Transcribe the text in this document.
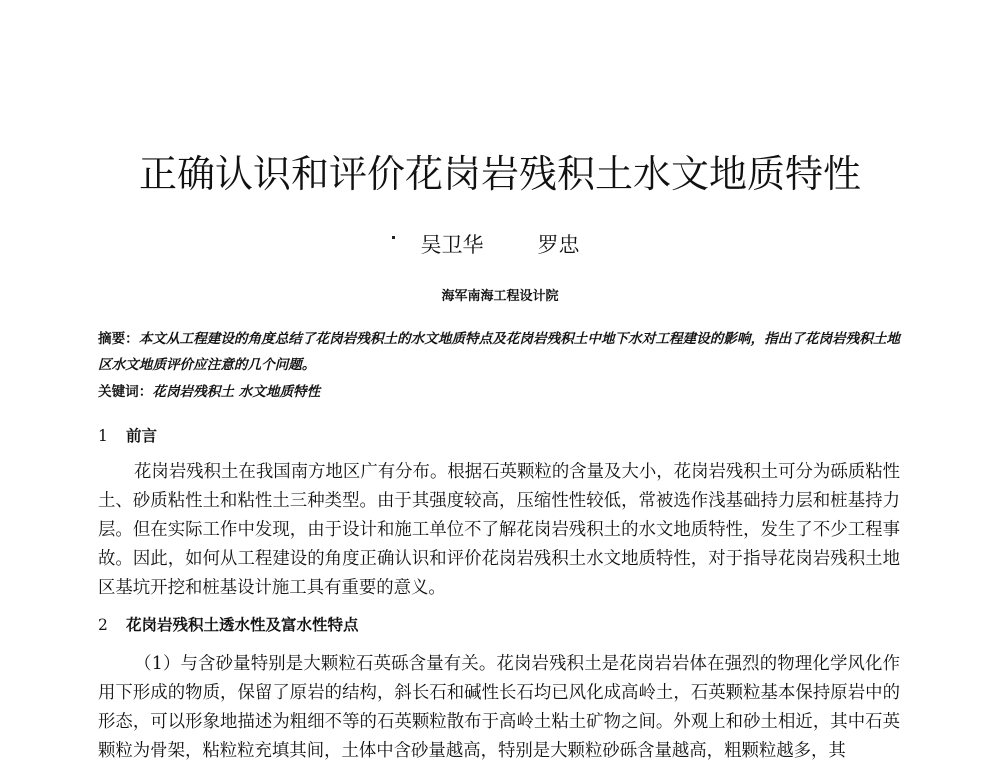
正确认识和评价花岗岩残积土水文地质特性
吴卫华	罗忠
海军南海工程设计院
摘要：本文从工程建设的角度总结了花岗岩残积土的水文地质特点及花岗岩残积土中地下水对工程建设的影响，指出了花岗岩残积土地区水文地质评价应注意的几个问题。
关键词：花岗岩残积土 水文地质特性
1 前言
花岗岩残积土在我国南方地区广有分布。根据石英颗粒的含量及大小，花岗岩残积土可分为砾质粘性土、砂质粘性土和粘性土三种类型。由于其强度较高，压缩性性较低，常被选作浅基础持力层和桩基持力层。但在实际工作中发现，由于设计和施工单位不了解花岗岩残积土的水文地质特性，发生了不少工程事故。因此，如何从工程建设的角度正确认识和评价花岗岩残积土水文地质特性，对于指导花岗岩残积土地区基坑开挖和桩基设计施工具有重要的意义。
2 花岗岩残积土透水性及富水性特点
（1）与含砂量特别是大颗粒石英砾含量有关。花岗岩残积土是花岗岩岩体在强烈的物理化学风化作用下形成的物质，保留了原岩的结构，斜长石和碱性长石均已风化成高岭土，石英颗粒基本保持原岩中的形态，可以形象地描述为粗细不等的石英颗粒散布于高岭土粘土矿物之间。外观上和砂土相近，其中石英颗粒为骨架，粘粒粒充填其间，土体中含砂量越高，特别是大颗粒砂砾含量越高，粗颗粒越多，其
